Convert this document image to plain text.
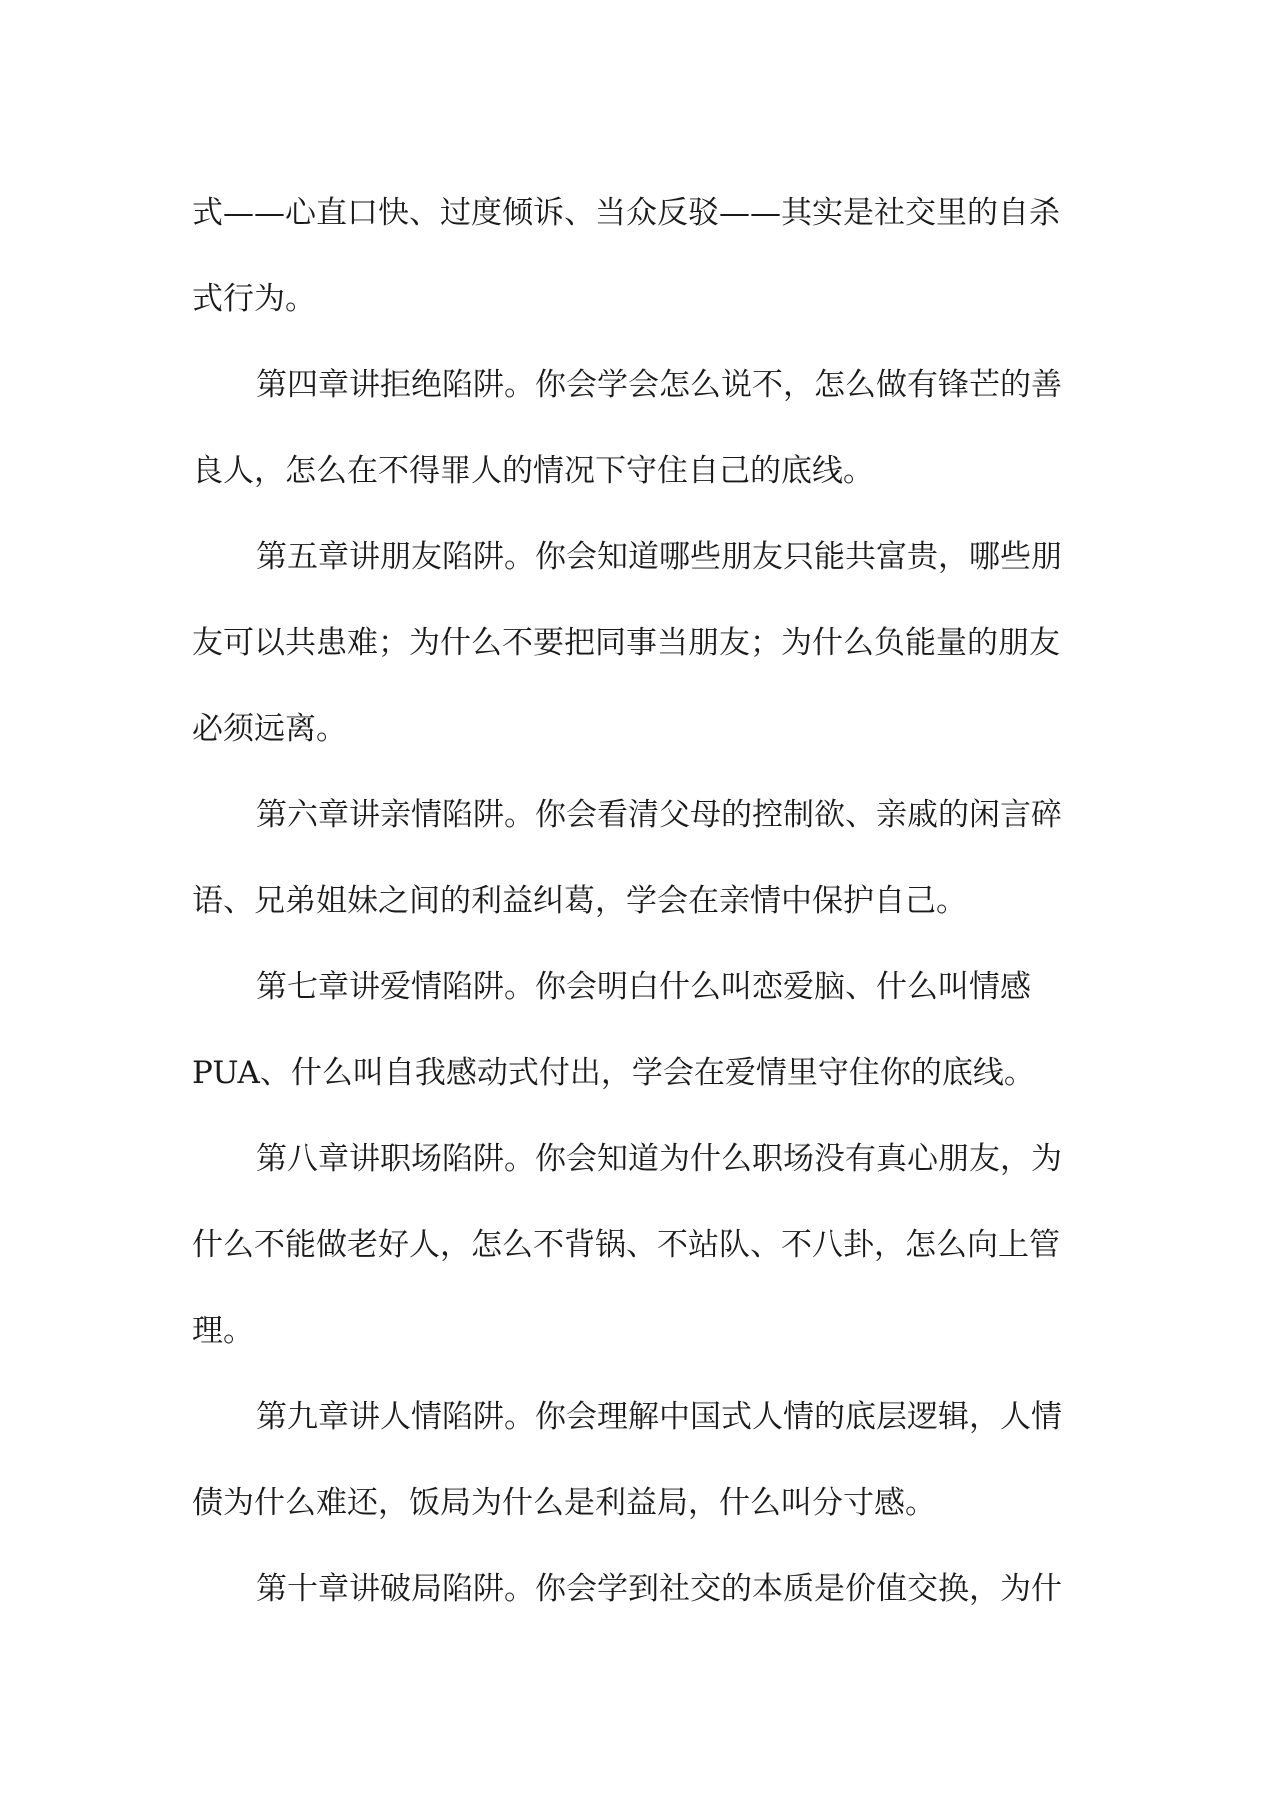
式——心直口快、过度倾诉、当众反驳——其实是社交里的自杀
式行为。
第四章讲拒绝陷阱。你会学会怎么说不，怎么做有锋芒的善
良人，怎么在不得罪人的情况下守住自己的底线。
第五章讲朋友陷阱。你会知道哪些朋友只能共富贵，哪些朋
友可以共患难；为什么不要把同事当朋友；为什么负能量的朋友
必须远离。
第六章讲亲情陷阱。你会看清父母的控制欲、亲戚的闲言碎
语、兄弟姐妹之间的利益纠葛，学会在亲情中保护自己。
第七章讲爱情陷阱。你会明白什么叫恋爱脑、什么叫情感
PUA、什么叫自我感动式付出，学会在爱情里守住你的底线。
第八章讲职场陷阱。你会知道为什么职场没有真心朋友，为
什么不能做老好人，怎么不背锅、不站队、不八卦，怎么向上管
理。
第九章讲人情陷阱。你会理解中国式人情的底层逻辑，人情
债为什么难还，饭局为什么是利益局，什么叫分寸感。
第十章讲破局陷阱。你会学到社交的本质是价值交换，为什
